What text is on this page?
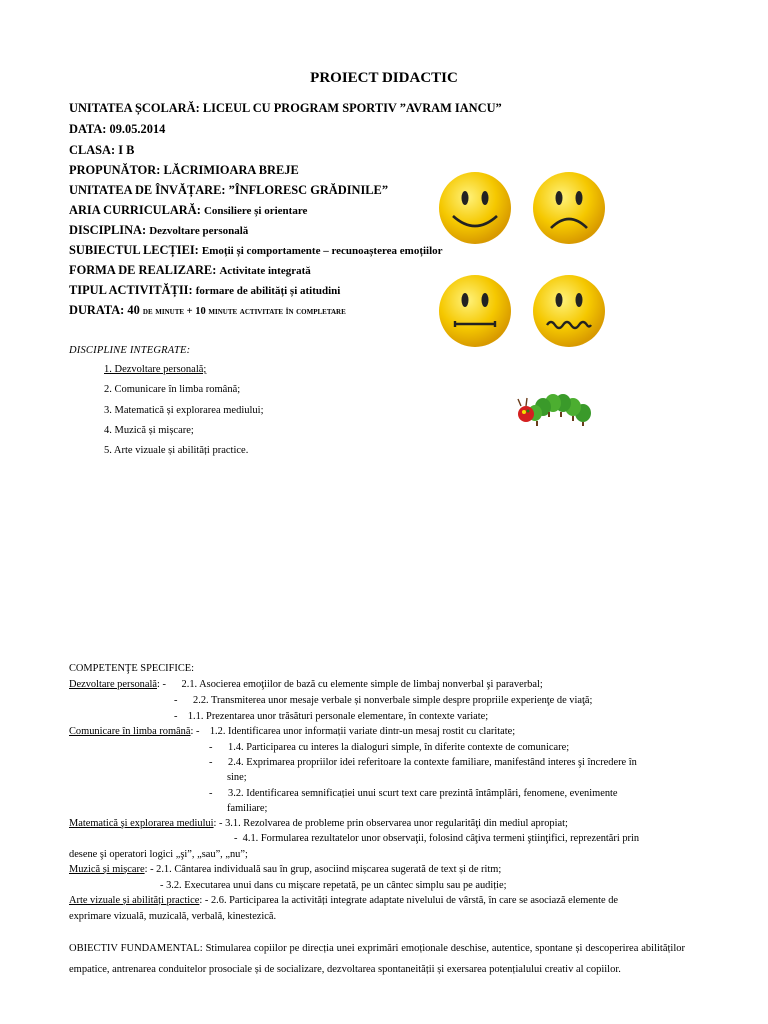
PROIECT DIDACTIC
UNITATEA ȘCOLARĂ: LICEUL CU PROGRAM SPORTIV ”AVRAM IANCU”
DATA: 09.05.2014
CLASA: I B
PROPUNĂTOR: LĂCRIMIOARA BREJE
UNITATEA DE ÎNVĂȚARE: ”ÎNFLORESC GRĂDINILE”
ARIA CURRICULARĂ: Consiliere și orientare
DISCIPLINA: Dezvoltare personală
SUBIECTUL LECȚIEI: Emoții și comportamente – recunoașterea emoțiilor
FORMA DE REALIZARE: Activitate integrată
TIPUL ACTIVITĂȚII: formare de abilități și atitudini
DURATA: 40 de minute + 10 minute activitate în completare
DISCIPLINE INTEGRATE:
1. Dezvoltare personală;
2. Comunicare în limba română;
3. Matematică și explorarea mediului;
4. Muzică și mișcare;
5. Arte vizuale și abilități practice.
COMPETENŢE SPECIFICE:
Dezvoltare personală: -      2.1. Asocierea emoţiilor de bază cu elemente simple de limbaj nonverbal şi paraverbal;
-      2.2. Transmiterea unor mesaje verbale și nonverbale simple despre propriile experienţe de viaţă;
-    1.1. Prezentarea unor trăsături personale elementare, în contexte variate;
Comunicare în limba română: -    1.2. Identificarea unor informații variate dintr-un mesaj rostit cu claritate;
-      1.4. Participarea cu interes la dialoguri simple, în diferite contexte de comunicare;
-      2.4. Exprimarea propriilor idei referitoare la contexte familiare, manifestând interes şi încredere în
sine;
-      3.2. Identificarea semnificației unui scurt text care prezintă întâmplări, fenomene, evenimente
familiare;
Matematică şi explorarea mediului: - 3.1. Rezolvarea de probleme prin observarea unor regularităţi din mediul apropiat;
-  4.1. Formularea rezultatelor unor observaţii, folosind câţiva termeni ştiinţifici, reprezentări prin
desene şi operatori logici „şi”, „sau”, „nu”;
Muzică și mișcare: - 2.1. Cântarea individuală sau în grup, asociind mișcarea sugerată de text și de ritm;
- 3.2. Executarea unui dans cu mișcare repetată, pe un cântec simplu sau pe audiție;
Arte vizuale și abilități practice: - 2.6. Participarea la activități integrate adaptate nivelului de vârstă, în care se asociază elemente de
exprimare vizuală, muzicală, verbală, kinestezică.
OBIECTIV FUNDAMENTAL: Stimularea copiilor pe direcția unei exprimări emoționale deschise, autentice, spontane și descoperirea abilităților empatice, antrenarea conduitelor prosociale și de socializare, dezvoltarea spontaneității și exersarea potențialului creativ al copiilor.
